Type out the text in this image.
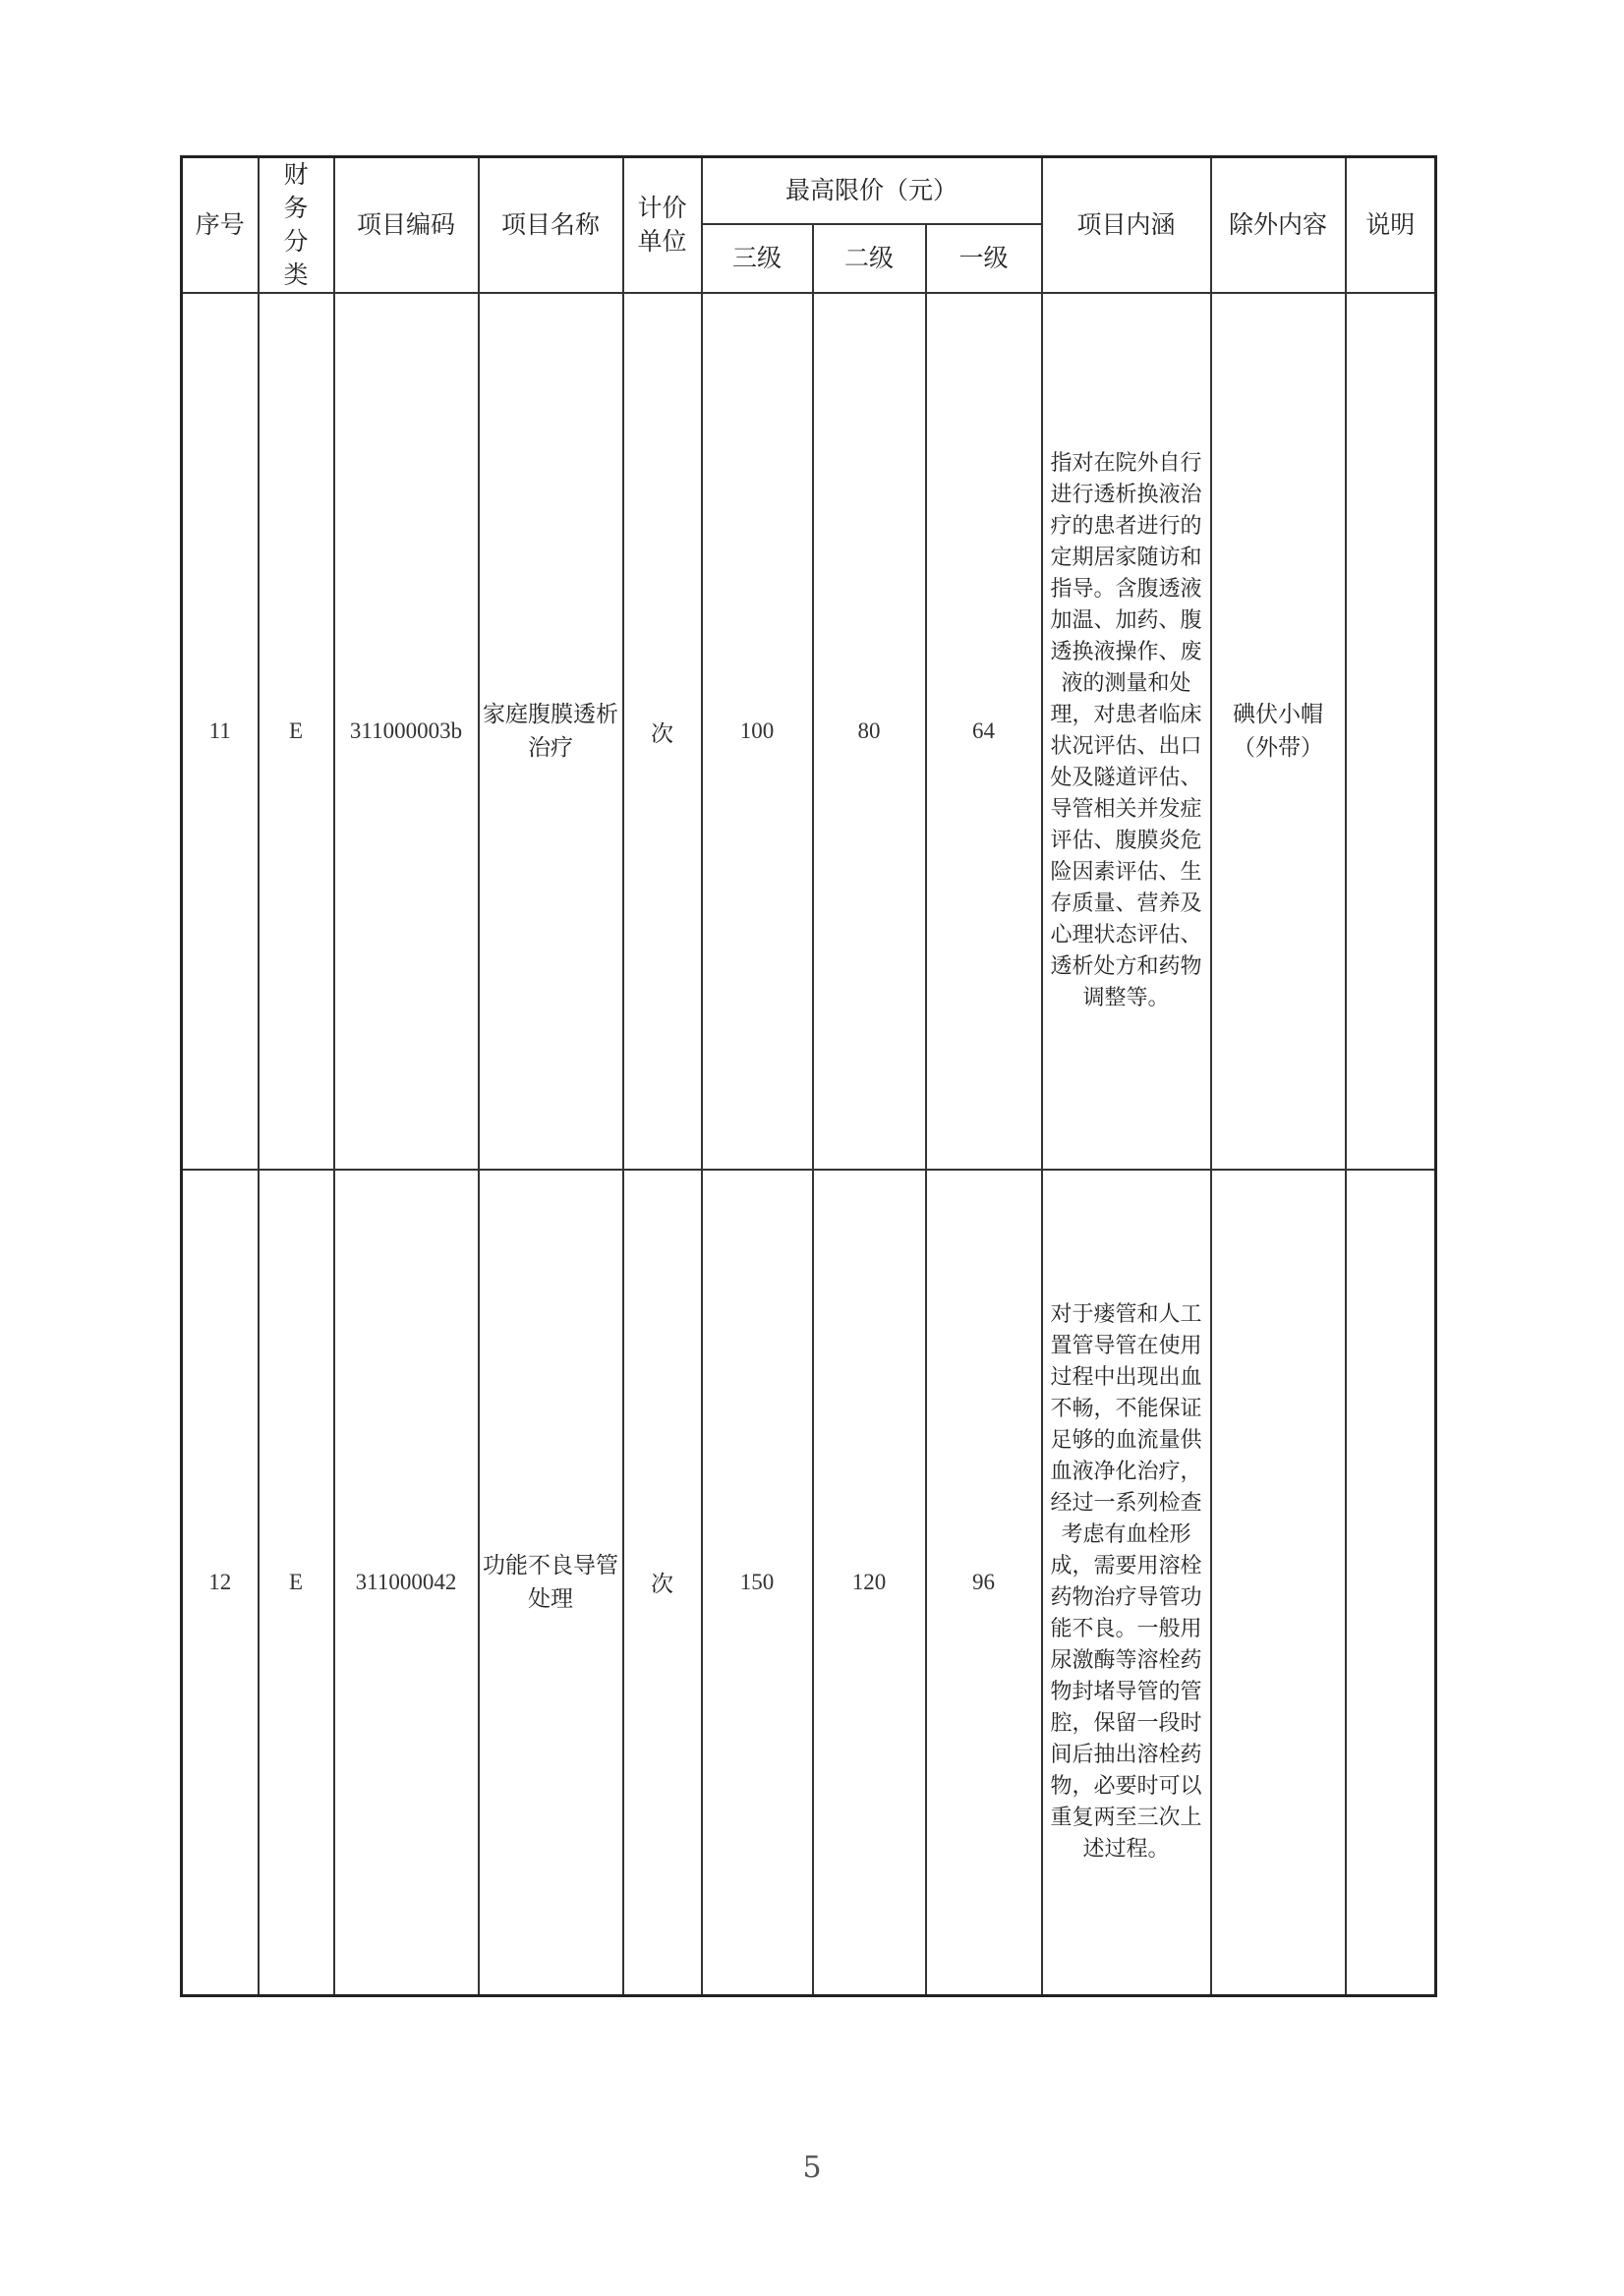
序号	财务分类	项目编码	项目名称	计价单位	最高限价（元）			项目内涵	除外内容	说明
					三级	二级	一级			
11	E	311000003b	家庭腹膜透析治疗	次	100	80	64	指对在院外自行进行透析换液治疗的患者进行的定期居家随访和指导。含腹透液加温、加药、腹透换液操作、废液的测量和处理，对患者临床状况评估、出口处及隧道评估、导管相关并发症评估、腹膜炎危险因素评估、生存质量、营养及心理状态评估、透析处方和药物调整等。	碘伏小帽（外带）	
12	E	311000042	功能不良导管处理	次	150	120	96	对于瘘管和人工置管导管在使用过程中出现出血不畅，不能保证足够的血流量供血液净化治疗，经过一系列检查考虑有血栓形成，需要用溶栓药物治疗导管功能不良。一般用尿激酶等溶栓药物封堵导管的管腔，保留一段时间后抽出溶栓药物，必要时可以重复两至三次上述过程。		
5
